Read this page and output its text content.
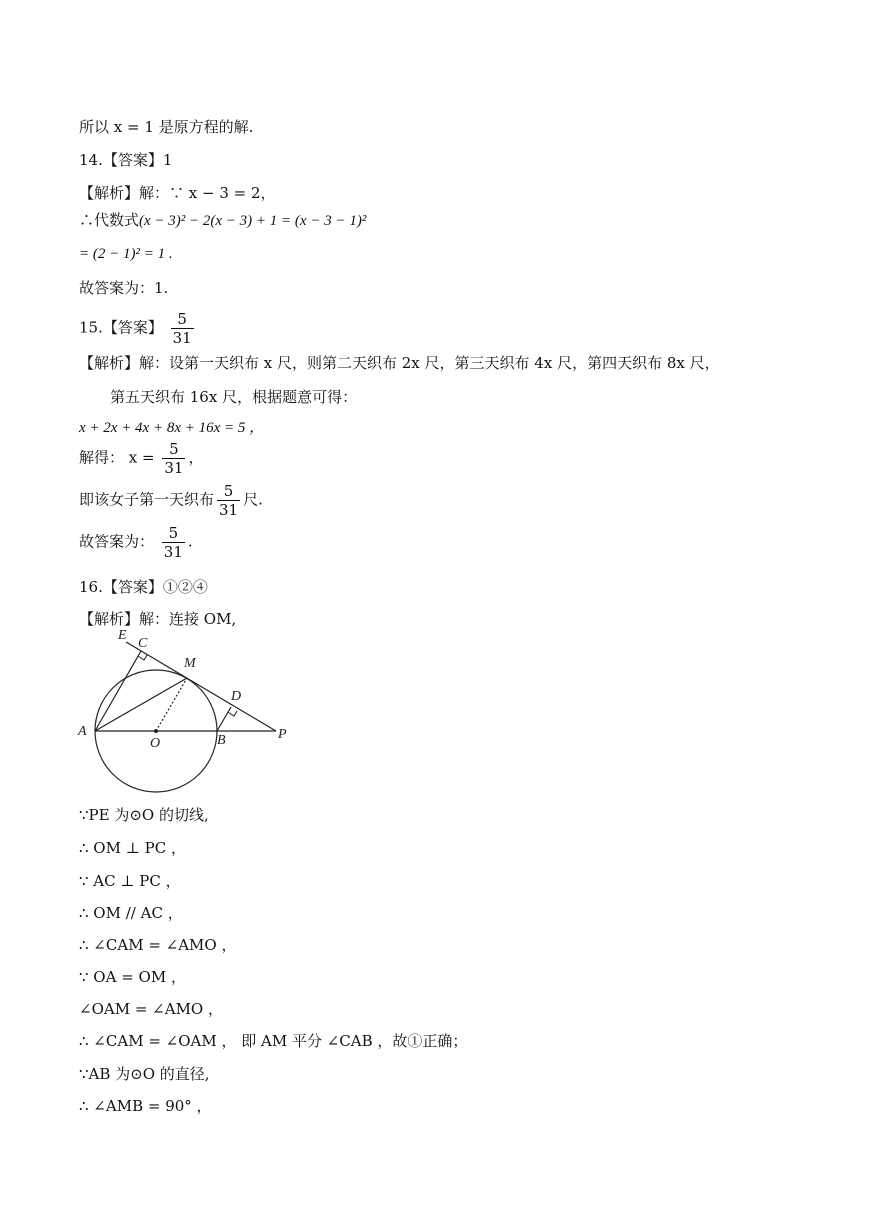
所以 x = 1 是原方程的解.
14.【答案】1
【解析】解：∵ x − 3 = 2，
∴代数式(x − 3)² − 2(x − 3) + 1 = (x − 3 − 1)²
= (2 − 1)² = 1 .
故答案为：1.
15.【答案】 $\frac{5}{31}$
【解析】解：设第一天织布 x 尺，则第二天织布 2x 尺，第三天织布 4x 尺，第四天织布 8x 尺，
第五天织布 16x 尺，根据题意可得：
x + 2x + 4x + 8x + 16x = 5 ，
解得： $x = \frac{5}{31}$ ，
即该女子第一天织布 $\frac{5}{31}$ 尺.
故答案为： $\frac{5}{31}$ .
16.【答案】①②④
【解析】解：连接 OM,
E
C
M
D
A
O	B	P
∵PE 为⊙O 的切线,
∴ OM ⊥ PC ，
∵ AC ⊥ PC ，
∴ OM // AC ，
∴ ∠CAM = ∠AMO ，
∵ OA = OM ，
∠OAM = ∠AMO ，
∴ ∠CAM = ∠OAM ， 即 AM 平分 ∠CAB ，故①正确；
∵AB 为⊙O 的直径,
∴ ∠AMB = 90° ，
